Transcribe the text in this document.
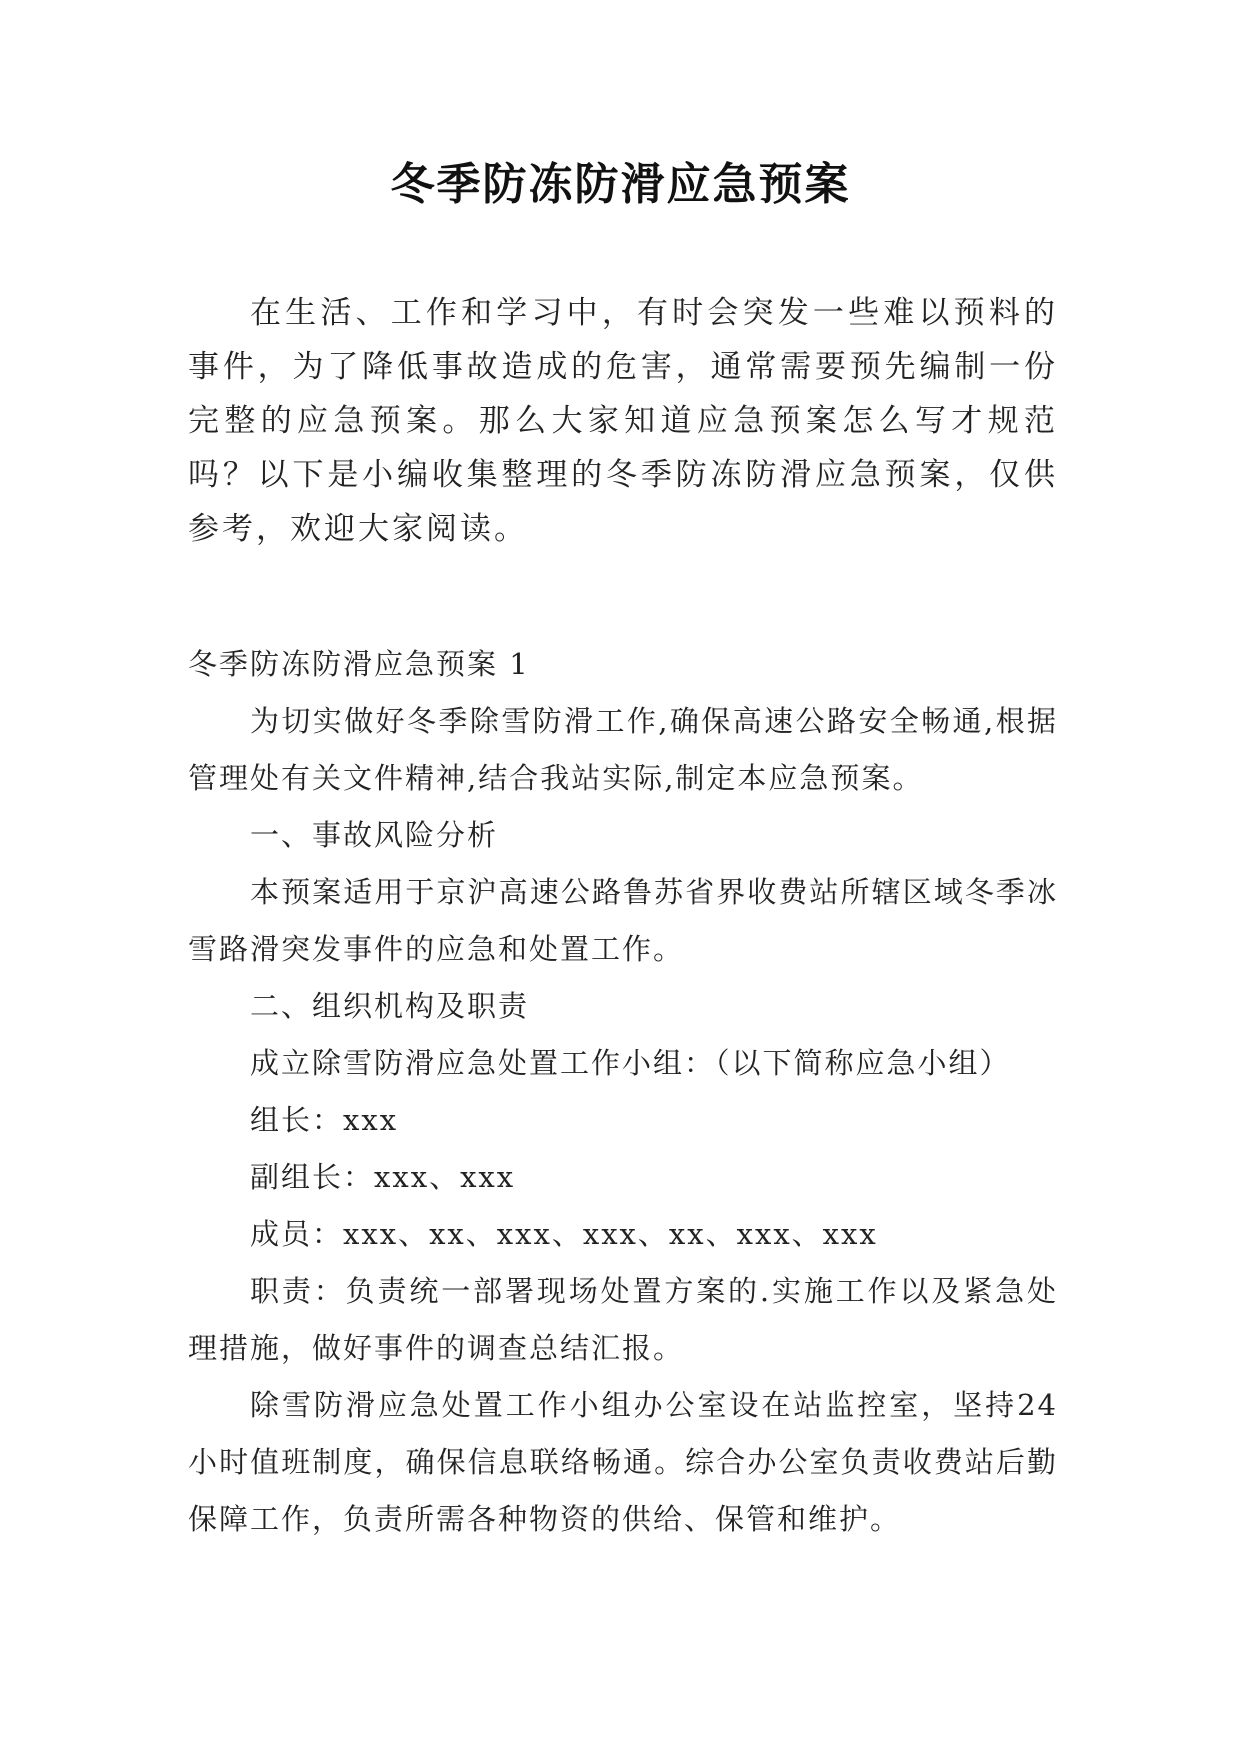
冬季防冻防滑应急预案

在生活、工作和学习中，有时会突发一些难以预料的事件，为了降低事故造成的危害，通常需要预先编制一份完整的应急预案。那么大家知道应急预案怎么写才规范吗？以下是小编收集整理的冬季防冻防滑应急预案，仅供参考，欢迎大家阅读。

冬季防冻防滑应急预案 1

为切实做好冬季除雪防滑工作,确保高速公路安全畅通,根据管理处有关文件精神,结合我站实际,制定本应急预案。

一、事故风险分析

本预案适用于京沪高速公路鲁苏省界收费站所辖区域冬季冰雪路滑突发事件的应急和处置工作。

二、组织机构及职责

成立除雪防滑应急处置工作小组：（以下简称应急小组）

组长：xxx

副组长：xxx、xxx

成员：xxx、xx、xxx、xxx、xx、xxx、xxx

职责：负责统一部署现场处置方案的.实施工作以及紧急处理措施，做好事件的调查总结汇报。

除雪防滑应急处置工作小组办公室设在站监控室，坚持24小时值班制度，确保信息联络畅通。综合办公室负责收费站后勤保障工作，负责所需各种物资的供给、保管和维护。
